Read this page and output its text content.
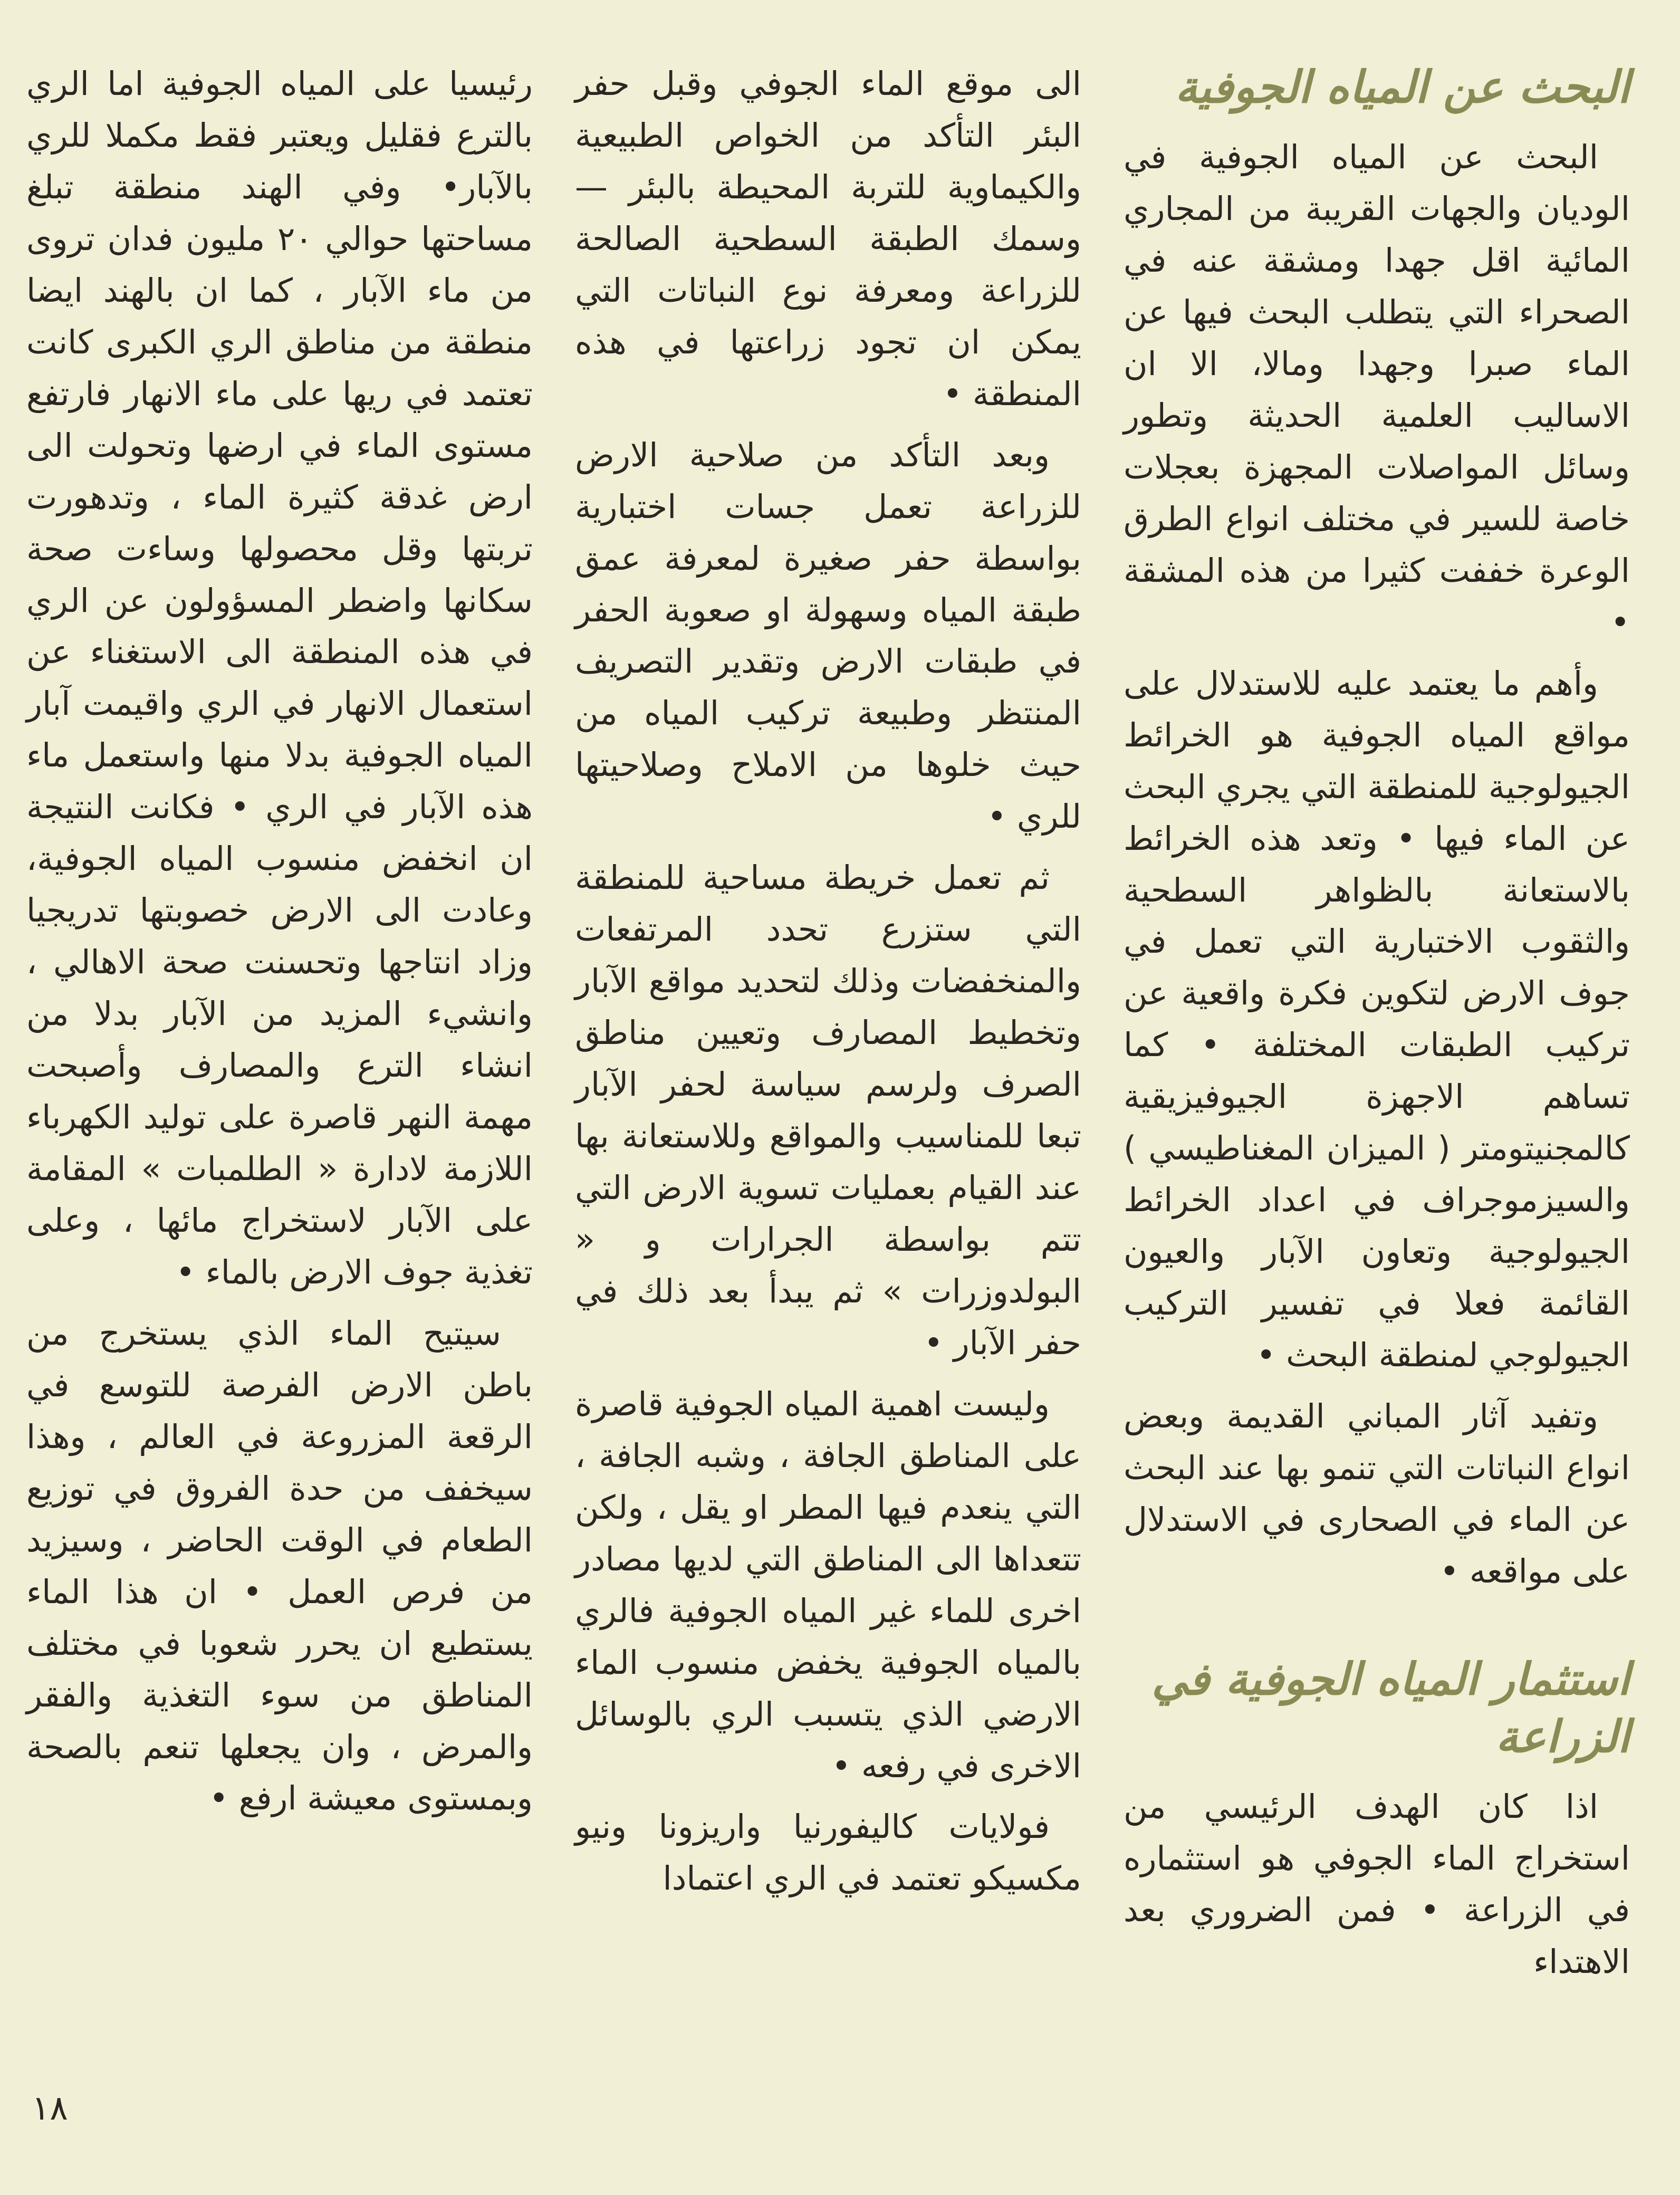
البحث عن المياه الجوفية

البحث عن المياه الجوفية في الوديان والجهات القريبة من المجاري المائية اقل جهدا ومشقة عنه في الصحراء التي يتطلب البحث فيها عن الماء صبرا وجهدا ومالا، الا ان الاساليب العلمية الحديثة وتطور وسائل المواصلات المجهزة بعجلات خاصة للسير في مختلف انواع الطرق الوعرة خففت كثيرا من هذه المشقة •

وأهم ما يعتمد عليه للاستدلال على مواقع المياه الجوفية هو الخرائط الجيولوجية للمنطقة التي يجري البحث عن الماء فيها • وتعد هذه الخرائط بالاستعانة بالظواهر السطحية والثقوب الاختبارية التي تعمل في جوف الارض لتكوين فكرة واقعية عن تركيب الطبقات المختلفة • كما تساهم الاجهزة الجيوفيزيقية كالمجنيتومتر ( الميزان المغناطيسي ) والسيزموجراف في اعداد الخرائط الجيولوجية وتعاون الآبار والعيون القائمة فعلا في تفسير التركيب الجيولوجي لمنطقة البحث •

وتفيد آثار المباني القديمة وبعض انواع النباتات التي تنمو بها عند البحث عن الماء في الصحارى في الاستدلال على مواقعه •

استثمار المياه الجوفية في الزراعة

اذا كان الهدف الرئيسي من استخراج الماء الجوفي هو استثماره في الزراعة • فمن الضروري بعد الاهتداء

الى موقع الماء الجوفي وقبل حفر البئر التأكد من الخواص الطبيعية والكيماوية للتربة المحيطة بالبئر — وسمك الطبقة السطحية الصالحة للزراعة ومعرفة نوع النباتات التي يمكن ان تجود زراعتها في هذه المنطقة •

وبعد التأكد من صلاحية الارض للزراعة تعمل جسات اختبارية بواسطة حفر صغيرة لمعرفة عمق طبقة المياه وسهولة او صعوبة الحفر في طبقات الارض وتقدير التصريف المنتظر وطبيعة تركيب المياه من حيث خلوها من الاملاح وصلاحيتها للري •

ثم تعمل خريطة مساحية للمنطقة التي ستزرع تحدد المرتفعات والمنخفضات وذلك لتحديد مواقع الآبار وتخطيط المصارف وتعيين مناطق الصرف ولرسم سياسة لحفر الآبار تبعا للمناسيب والمواقع وللاستعانة بها عند القيام بعمليات تسوية الارض التي تتم بواسطة الجرارات و « البولدوزرات » ثم يبدأ بعد ذلك في حفر الآبار •

وليست اهمية المياه الجوفية قاصرة على المناطق الجافة ، وشبه الجافة ، التي ينعدم فيها المطر او يقل ، ولكن تتعداها الى المناطق التي لديها مصادر اخرى للماء غير المياه الجوفية فالري بالمياه الجوفية يخفض منسوب الماء الارضي الذي يتسبب الري بالوسائل الاخرى في رفعه •

فولايات كاليفورنيا واريزونا ونيو مكسيكو تعتمد في الري اعتمادا

رئيسيا على المياه الجوفية اما الري بالترع فقليل ويعتبر فقط مكملا للري بالآبار• وفي الهند منطقة تبلغ مساحتها حوالي ٢٠ مليون فدان تروى من ماء الآبار ، كما ان بالهند ايضا منطقة من مناطق الري الكبرى كانت تعتمد في ريها على ماء الانهار فارتفع مستوى الماء في ارضها وتحولت الى ارض غدقة كثيرة الماء ، وتدهورت تربتها وقل محصولها وساءت صحة سكانها واضطر المسؤولون عن الري في هذه المنطقة الى الاستغناء عن استعمال الانهار في الري واقيمت آبار المياه الجوفية بدلا منها واستعمل ماء هذه الآبار في الري • فكانت النتيجة ان انخفض منسوب المياه الجوفية، وعادت الى الارض خصوبتها تدريجيا وزاد انتاجها وتحسنت صحة الاهالي ، وانشيء المزيد من الآبار بدلا من انشاء الترع والمصارف وأصبحت مهمة النهر قاصرة على توليد الكهرباء اللازمة لادارة « الطلمبات » المقامة على الآبار لاستخراج مائها ، وعلى تغذية جوف الارض بالماء •

سيتيح الماء الذي يستخرج من باطن الارض الفرصة للتوسع في الرقعة المزروعة في العالم ، وهذا سيخفف من حدة الفروق في توزيع الطعام في الوقت الحاضر ، وسيزيد من فرص العمل • ان هذا الماء يستطيع ان يحرر شعوبا في مختلف المناطق من سوء التغذية والفقر والمرض ، وان يجعلها تنعم بالصحة وبمستوى معيشة ارفع •

١٨
